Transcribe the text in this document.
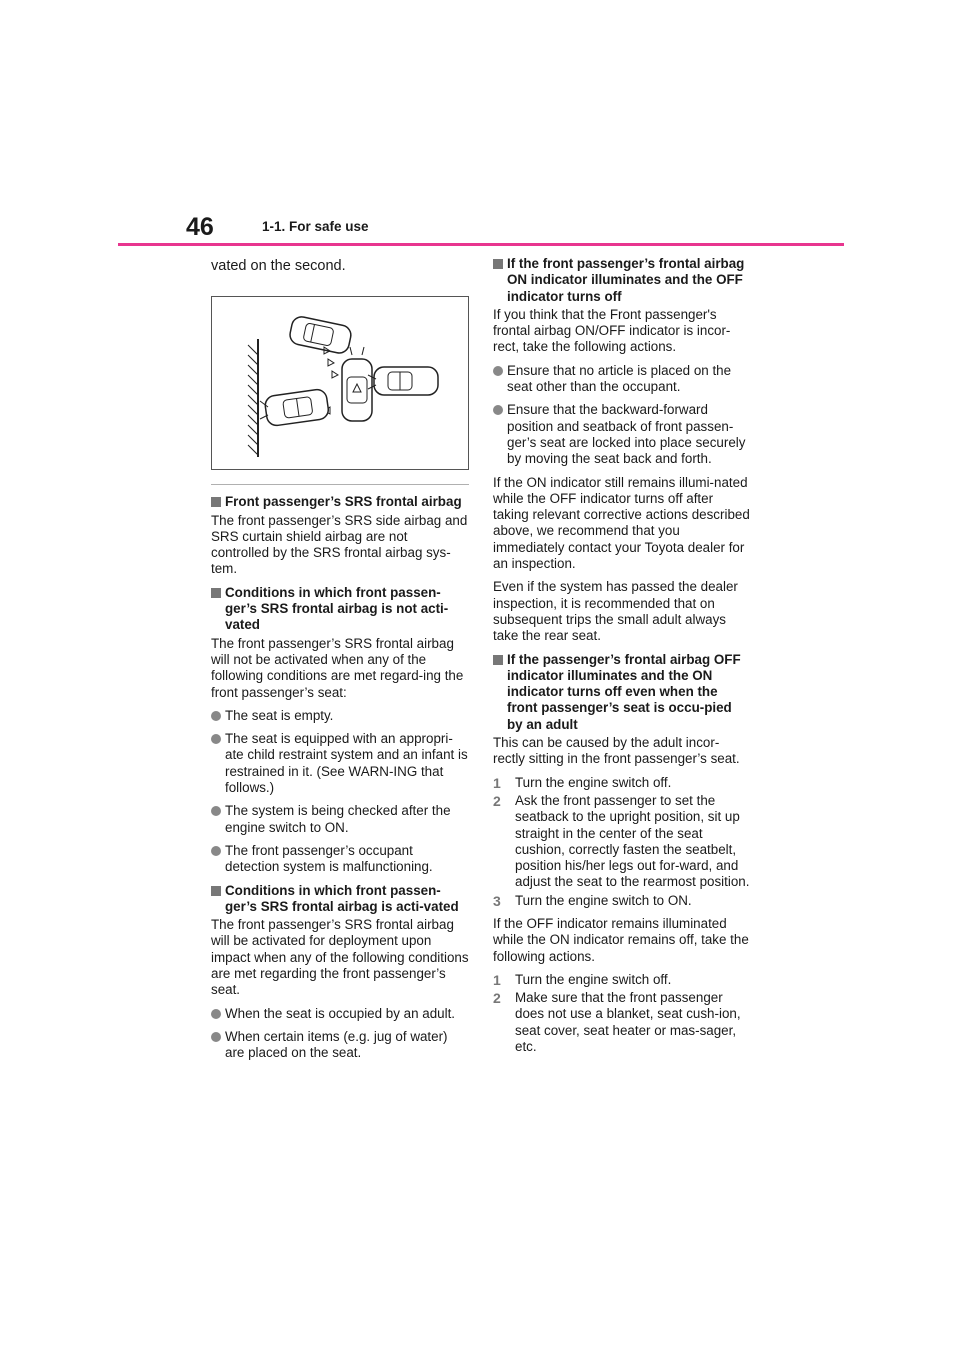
46	1-1. For safe use

vated on the second.

Front passenger’s SRS frontal airbag

The front passenger’s SRS side airbag and SRS curtain shield airbag are not controlled by the SRS frontal airbag sys-tem.

Conditions in which front passen-ger’s SRS frontal airbag is not acti-vated

The front passenger’s SRS frontal airbag will not be activated when any of the following conditions are met regard-ing the front passenger’s seat:

The seat is empty.
The seat is equipped with an appropri-ate child restraint system and an infant is restrained in it. (See WARN-ING that follows.)
The system is being checked after the engine switch to ON.
The front passenger’s occupant detection system is malfunctioning.
Conditions in which front passen-ger’s SRS frontal airbag is acti-vated

The front passenger’s SRS frontal airbag will be activated for deployment upon impact when any of the following conditions are met regarding the front passenger’s seat.

When the seat is occupied by an adult.
When certain items (e.g. jug of water) are placed on the seat.
If the front passenger’s frontal airbag ON indicator illuminates and the OFF indicator turns off

If you think that the Front passenger's frontal airbag ON/OFF indicator is incor-rect, take the following actions.

Ensure that no article is placed on the seat other than the occupant.
Ensure that the backward-forward position and seatback of front passen-ger’s seat are locked into place securely by moving the seat back and forth.

If the ON indicator still remains illumi-nated while the OFF indicator turns off after taking relevant corrective actions described above, we recommend that you immediately contact your Toyota dealer for an inspection.

Even if the system has passed the dealer inspection, it is recommended that on subsequent trips the small adult always take the rear seat.

If the passenger’s frontal airbag OFF indicator illuminates and the ON indicator turns off even when the front passenger’s seat is occu-pied by an adult

This can be caused by the adult incor-rectly sitting in the front passenger’s seat.

1 Turn the engine switch off.
2 Ask the front passenger to set the seatback to the upright position, sit up straight in the center of the seat cushion, correctly fasten the seatbelt, position his/her legs out for-ward, and adjust the seat to the rearmost position.
3 Turn the engine switch to ON.

If the OFF indicator remains illuminated while the ON indicator remains off, take the following actions.

1 Turn the engine switch off.
2 Make sure that the front passenger does not use a blanket, seat cush-ion, seat cover, seat heater or mas-sager, etc.
